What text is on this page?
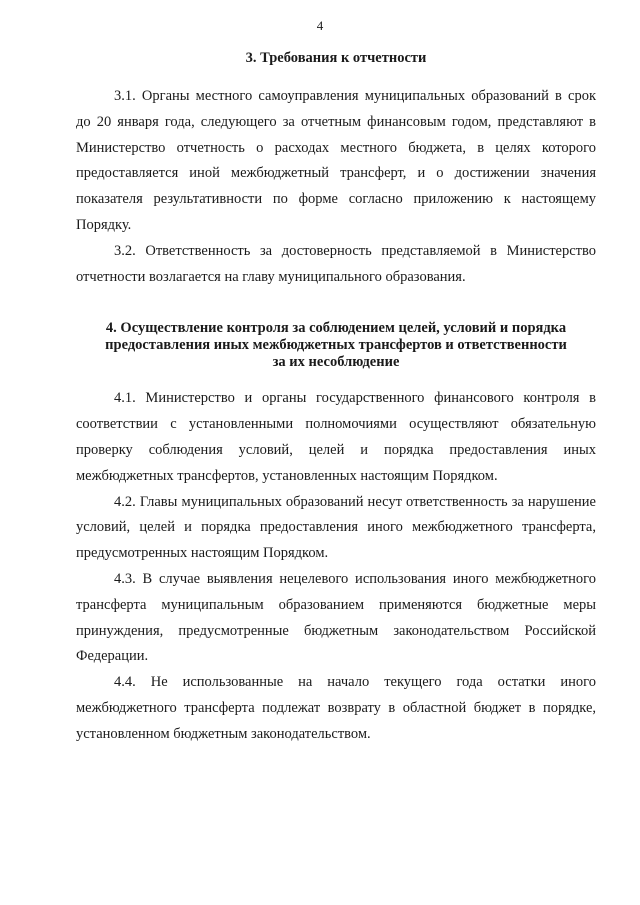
4
3. Требования к отчетности

3.1. Органы местного самоуправления муниципальных образований в срок до 20 января года, следующего за отчетным финансовым годом, представляют в Министерство отчетность о расходах местного бюджета, в целях которого предоставляется иной межбюджетный трансферт, и о достижении значения показателя результативности по форме согласно приложению к настоящему Порядку.

3.2. Ответственность за достоверность представляемой в Министерство отчетности возлагается на главу муниципального образования.

4. Осуществление контроля за соблюдением целей, условий и порядка
предоставления иных межбюджетных трансфертов и ответственности
за их несоблюдение

4.1. Министерство и органы государственного финансового контроля в соответствии с установленными полномочиями осуществляют обязательную проверку соблюдения условий, целей и порядка предоставления иных межбюджетных трансфертов, установленных настоящим Порядком.

4.2. Главы муниципальных образований несут ответственность за нарушение условий, целей и порядка предоставления иного межбюджетного трансферта, предусмотренных настоящим Порядком.

4.3. В случае выявления нецелевого использования иного межбюджетного трансферта муниципальным образованием применяются бюджетные меры принуждения, предусмотренные бюджетным законодательством Российской Федерации.

4.4. Не использованные на начало текущего года остатки иного межбюджетного трансферта подлежат возврату в областной бюджет в порядке, установленном бюджетным законодательством.
